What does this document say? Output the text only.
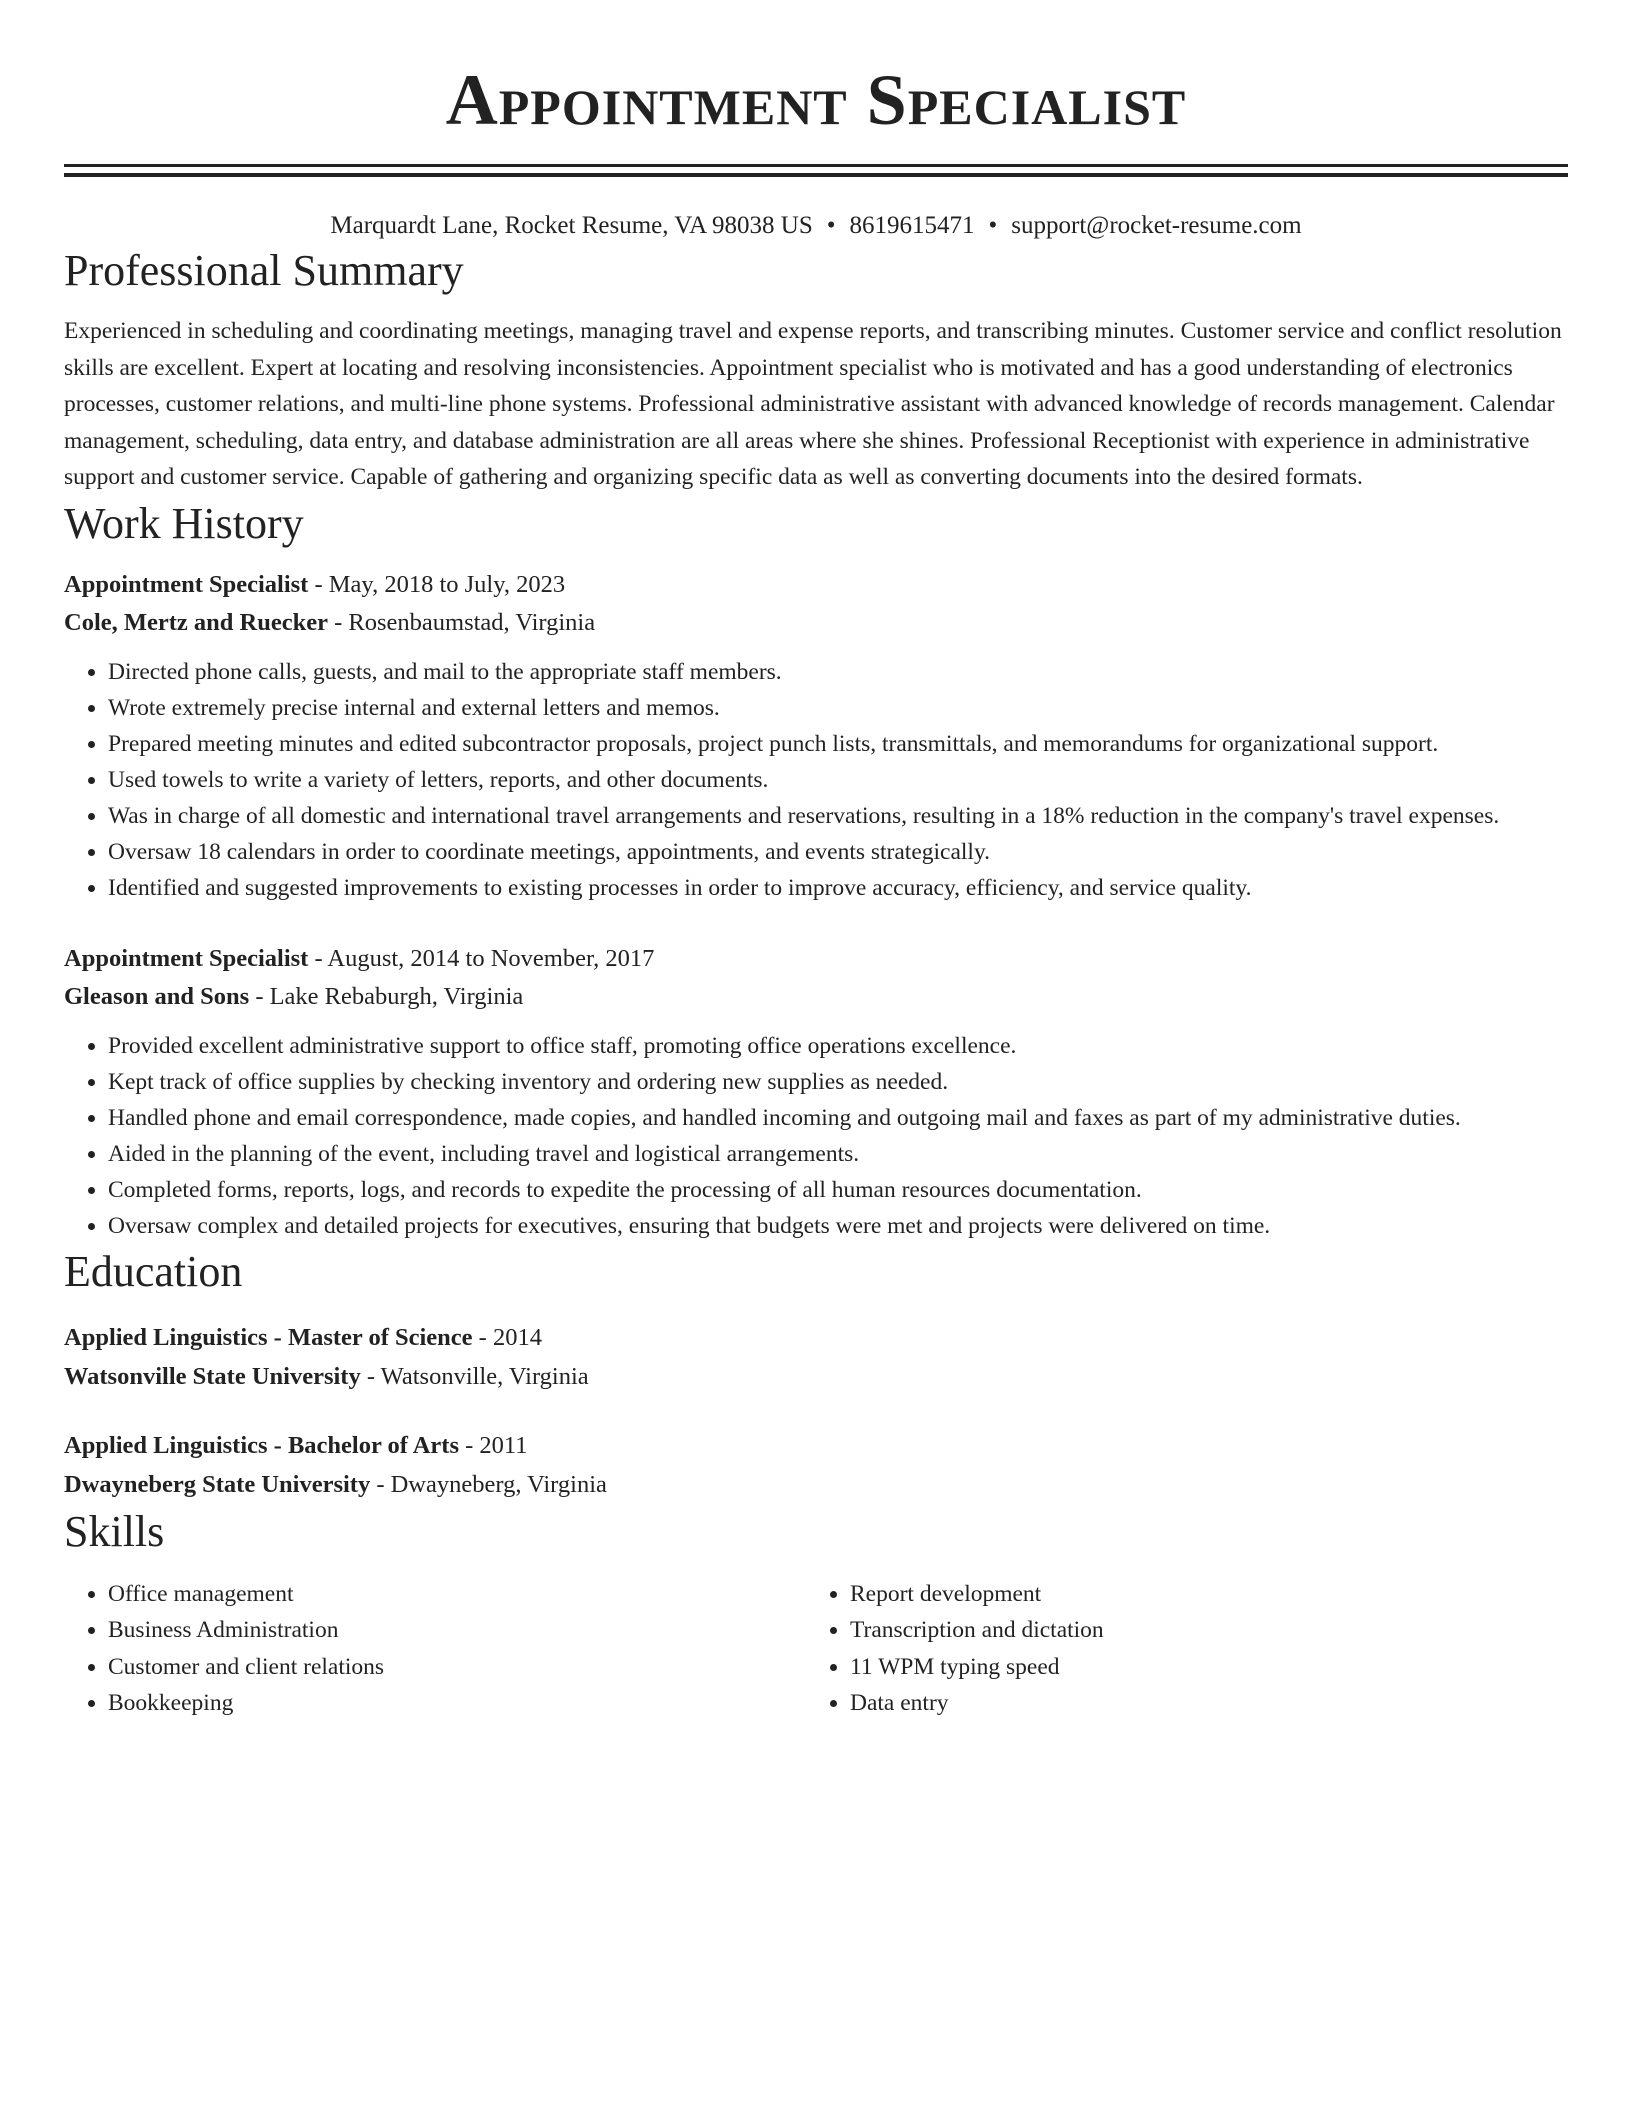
Appointment Specialist
Marquardt Lane, Rocket Resume, VA 98038 US • 8619615471 • support@rocket-resume.com
Professional Summary
Experienced in scheduling and coordinating meetings, managing travel and expense reports, and transcribing minutes. Customer service and conflict resolution skills are excellent. Expert at locating and resolving inconsistencies. Appointment specialist who is motivated and has a good understanding of electronics processes, customer relations, and multi-line phone systems. Professional administrative assistant with advanced knowledge of records management. Calendar management, scheduling, data entry, and database administration are all areas where she shines. Professional Receptionist with experience in administrative support and customer service. Capable of gathering and organizing specific data as well as converting documents into the desired formats.
Work History
Appointment Specialist - May, 2018 to July, 2023
Cole, Mertz and Ruecker - Rosenbaumstad, Virginia
• Directed phone calls, guests, and mail to the appropriate staff members.
• Wrote extremely precise internal and external letters and memos.
• Prepared meeting minutes and edited subcontractor proposals, project punch lists, transmittals, and memorandums for organizational support.
• Used towels to write a variety of letters, reports, and other documents.
• Was in charge of all domestic and international travel arrangements and reservations, resulting in a 18% reduction in the company's travel expenses.
• Oversaw 18 calendars in order to coordinate meetings, appointments, and events strategically.
• Identified and suggested improvements to existing processes in order to improve accuracy, efficiency, and service quality.
Appointment Specialist - August, 2014 to November, 2017
Gleason and Sons - Lake Rebaburgh, Virginia
• Provided excellent administrative support to office staff, promoting office operations excellence.
• Kept track of office supplies by checking inventory and ordering new supplies as needed.
• Handled phone and email correspondence, made copies, and handled incoming and outgoing mail and faxes as part of my administrative duties.
• Aided in the planning of the event, including travel and logistical arrangements.
• Completed forms, reports, logs, and records to expedite the processing of all human resources documentation.
• Oversaw complex and detailed projects for executives, ensuring that budgets were met and projects were delivered on time.
Education
Applied Linguistics - Master of Science - 2014
Watsonville State University - Watsonville, Virginia
Applied Linguistics - Bachelor of Arts - 2011
Dwayneberg State University - Dwayneberg, Virginia
Skills
• Office management
• Business Administration
• Customer and client relations
• Bookkeeping
• Report development
• Transcription and dictation
• 11 WPM typing speed
• Data entry
